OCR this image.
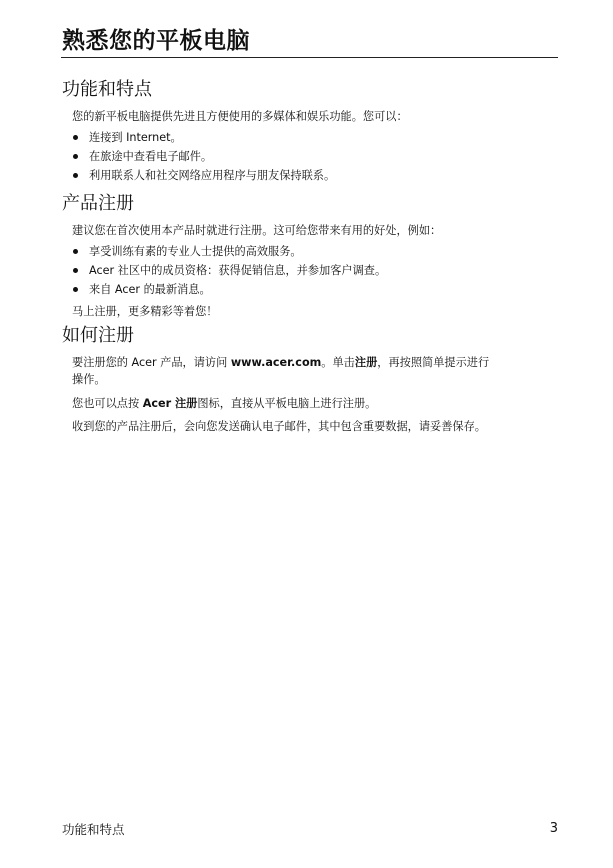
熟悉您的平板电脑
功能和特点

您的新平板电脑提供先进且方便使用的多媒体和娱乐功能。您可以：

连接到 Internet。
在旅途中查看电子邮件。
利用联系人和社交网络应用程序与朋友保持联系。
产品注册

建议您在首次使用本产品时就进行注册。这可给您带来有用的好处，例如：

享受训练有素的专业人士提供的高效服务。
Acer 社区中的成员资格：获得促销信息，并参加客户调查。
来自 Acer 的最新消息。

马上注册，更多精彩等着您！

如何注册

要注册您的 Acer 产品，请访问 www.acer.com。单击注册，再按照简单提示进行
操作。

您也可以点按 Acer 注册图标，直接从平板电脑上进行注册。

收到您的产品注册后，会向您发送确认电子邮件，其中包含重要数据，请妥善保存。

功能和特点	3
